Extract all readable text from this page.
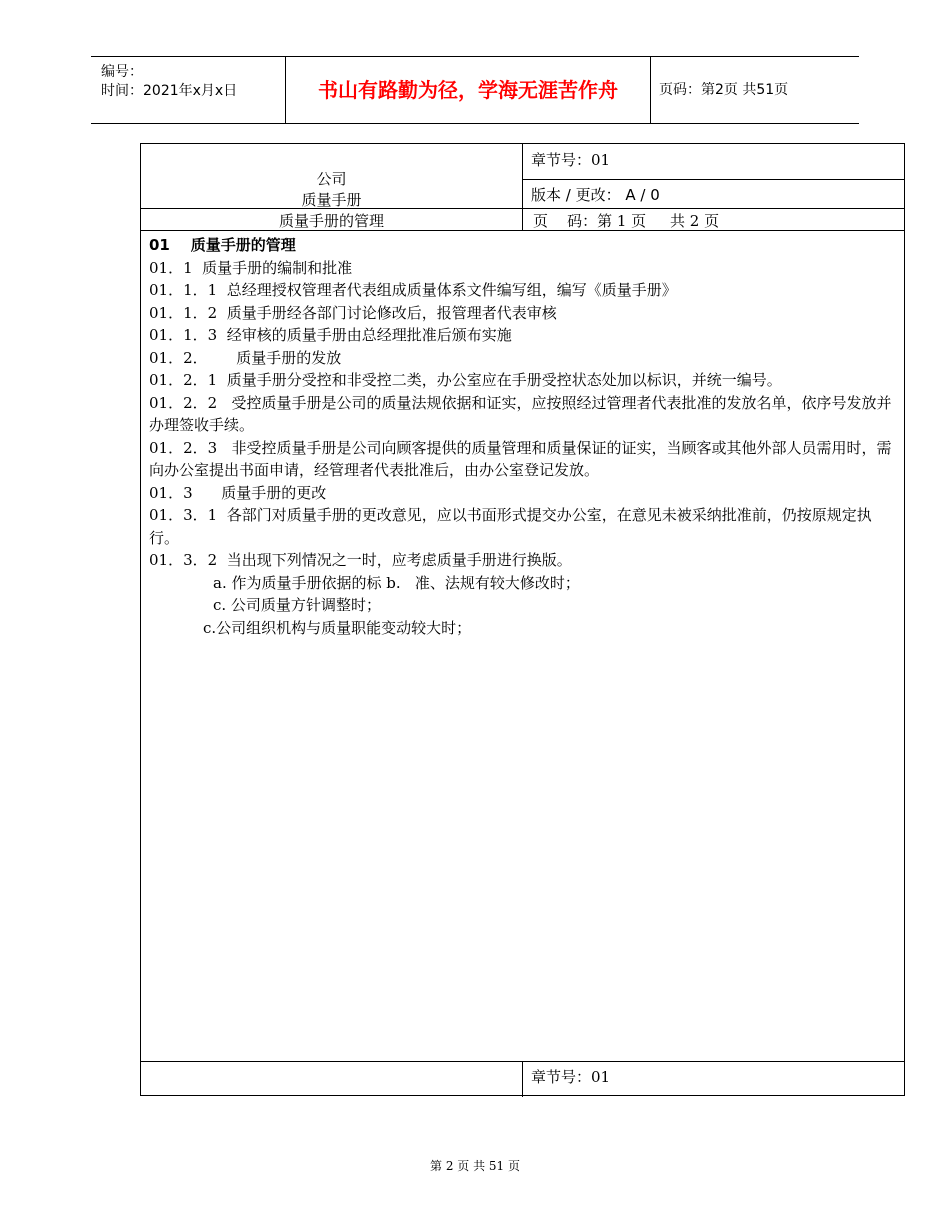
编号：
时间：2021年x月x日	书山有路勤为径，学海无涯苦作舟	页码：第2页 共51页
公司
质量手册
章节号：01
版本 / 更改： A / 0
质量手册的管理	页    码：第 1 页     共 2 页

01    质量手册的管理

01．1  质量手册的编制和批准

01．1．1  总经理授权管理者代表组成质量体系文件编写组，编写《质量手册》

01．1．2  质量手册经各部门讨论修改后，报管理者代表审核

01．1．3  经审核的质量手册由总经理批准后颁布实施

01．2．      质量手册的发放

01．2．1  质量手册分受控和非受控二类，办公室应在手册受控状态处加以标识，并统一编号。

01．2．2   受控质量手册是公司的质量法规依据和证实，应按照经过管理者代表批准的发放名单，依序号发放并办理签收手续。

01．2．3   非受控质量手册是公司向顾客提供的质量管理和质量保证的证实，当顾客或其他外部人员需用时，需向办公室提出书面申请，经管理者代表批准后，由办公室登记发放。

01．3      质量手册的更改

01．3．1  各部门对质量手册的更改意见，应以书面形式提交办公室，在意见未被采纳批准前，仍按原规定执行。

01．3．2  当出现下列情况之一时，应考虑质量手册进行换版。

a. 作为质量手册依据的标 b.   准、法规有较大修改时；

c. 公司质量方针调整时；

c.公司组织机构与质量职能变动较大时；

章节号：01
第 2 页 共 51 页
